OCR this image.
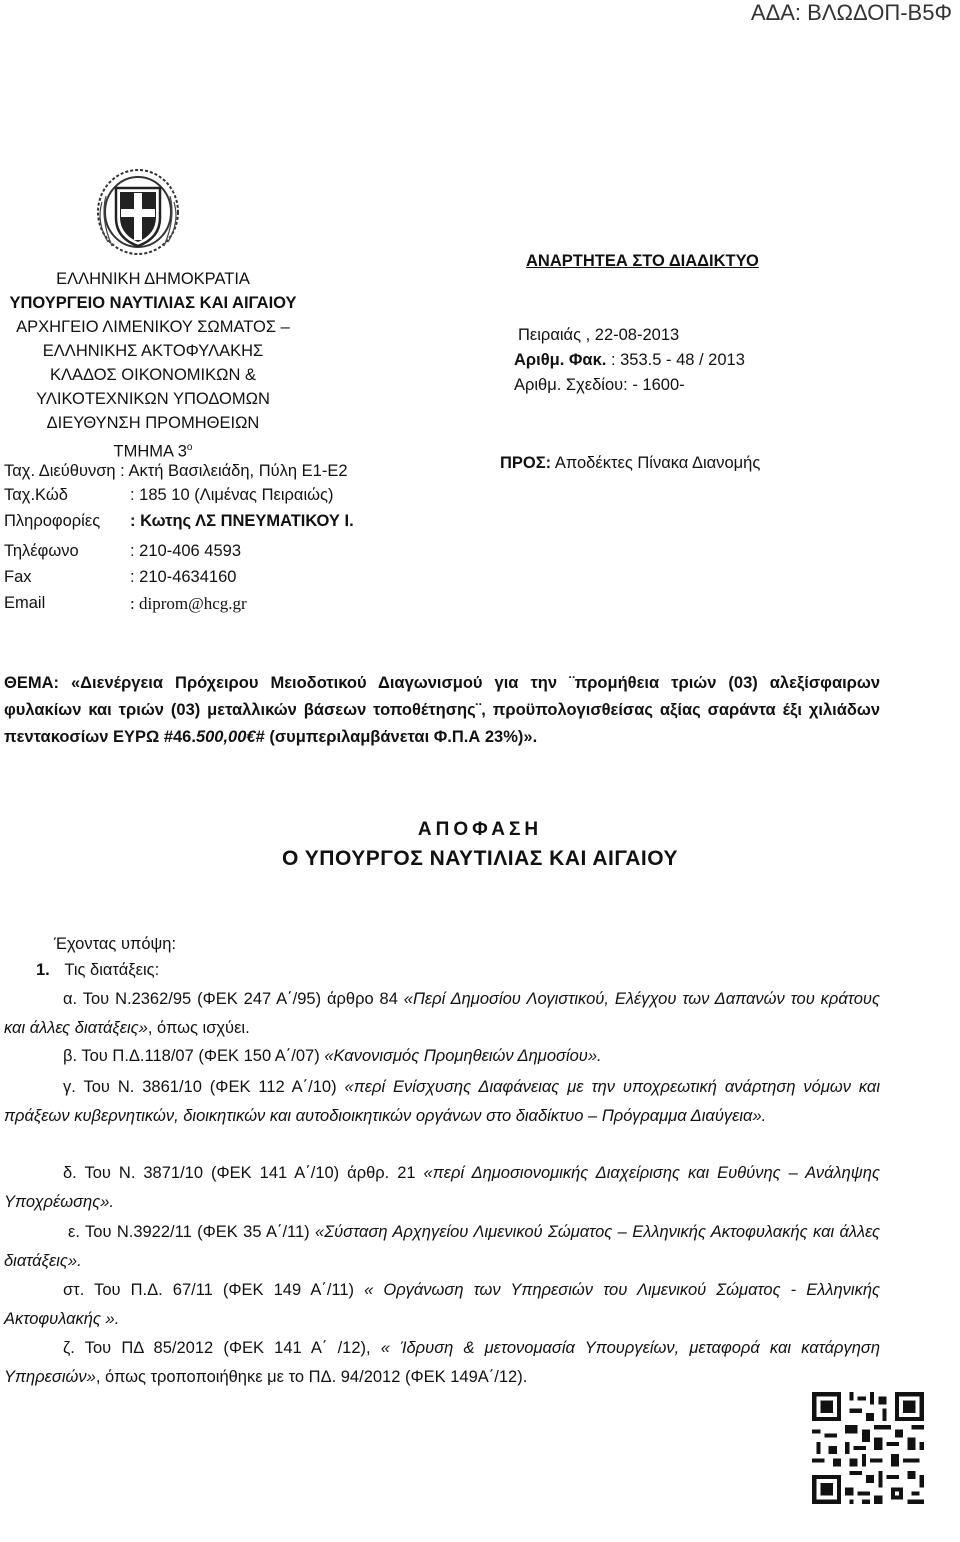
ΑΔΑ: ΒΛΩΔΟΠ-Β5Φ
ΕΛΛΗΝΙΚΗ ΔΗΜΟΚΡΑΤΙΑ
ΥΠΟΥΡΓΕΙΟ ΝΑΥΤΙΛΙΑΣ ΚΑΙ ΑΙΓΑΙΟΥ
ΑΡΧΗΓΕΙΟ ΛΙΜΕΝΙΚΟΥ ΣΩΜΑΤΟΣ –
ΕΛΛΗΝΙΚΗΣ ΑΚΤΟΦΥΛΑΚΗΣ
ΚΛΑΔΟΣ ΟΙΚΟΝΟΜΙΚΩΝ &
ΥΛΙΚΟΤΕΧΝΙΚΩΝ ΥΠΟΔΟΜΩΝ
ΔΙΕΥΘΥΝΣΗ ΠΡΟΜΗΘΕΙΩΝ
ΤΜΗΜΑ $3^o$
Ταχ. Διεύθυνση : Ακτή Βασιλειάδη, Πύλη Ε1-Ε2
Ταχ.Κώδ	: 185 10 (Λιμένας Πειραιώς)
Πληροφορίες : Κωτης ΛΣ ΠΝΕΥΜΑΤΙΚΟΥ Ι.
Τηλέφωνο	: 210-406 4593
Fax	: 210-4634160
Email	: diprom@hcg.gr
ΑΝΑΡΤΗΤΕΑ ΣΤΟ ΔΙΑΔΙΚΤΥΟ
Πειραιάς , 22-08-2013
Αριθμ. Φακ. : 353.5 - 48 / 2013
Αριθμ. Σχεδίου: - 1600-
ΠΡΟΣ: Αποδέκτες Πίνακα Διανομής
ΘΕΜΑ: «Διενέργεια Πρόχειρου Μειοδοτικού Διαγωνισμού για την ¨προμήθεια τριών (03) αλεξίσφαιρων φυλακίων και τριών (03) μεταλλικών βάσεων τοποθέτησης¨, προϋπολογισθείσας αξίας σαράντα έξι χιλιάδων πεντακοσίων ΕΥΡΩ #46.500,00€# (συμπεριλαμβάνεται Φ.Π.Α 23%)».
ΑΠΟΦΑΣΗ
Ο ΥΠΟΥΡΓΟΣ ΝΑΥΤΙΛΙΑΣ ΚΑΙ ΑΙΓΑΙΟΥ
Έχοντας υπόψη:
1. Τις διατάξεις:
α. Του Ν.2362/95 (ΦΕΚ 247 Α΄/95) άρθρο 84 «Περί Δημοσίου Λογιστικού, Ελέγχου των Δαπανών του κράτους και άλλες διατάξεις», όπως ισχύει.
β. Του Π.Δ.118/07 (ΦΕΚ 150 Α΄/07) «Κανονισμός Προμηθειών Δημοσίου».
γ. Του Ν. 3861/10 (ΦΕΚ 112 Α΄/10) «περί Ενίσχυσης Διαφάνειας με την υποχρεωτική ανάρτηση νόμων και πράξεων κυβερνητικών, διοικητικών και αυτοδιοικητικών οργάνων στο διαδίκτυο – Πρόγραμμα Διαύγεια».
δ. Του Ν. 3871/10 (ΦΕΚ 141 Α΄/10) άρθρ. 21 «περί Δημοσιονομικής Διαχείρισης και Ευθύνης – Ανάληψης Υποχρέωσης».
ε. Του Ν.3922/11 (ΦΕΚ 35 Α΄/11) «Σύσταση Αρχηγείου Λιμενικού Σώματος – Ελληνικής Ακτοφυλακής και άλλες διατάξεις».
στ. Του Π.Δ. 67/11 (ΦΕΚ 149 Α΄/11) « Οργάνωση των Υπηρεσιών του Λιμενικού Σώματος - Ελληνικής Ακτοφυλακής ».
ζ. Του ΠΔ 85/2012 (ΦΕΚ 141 Α΄ /12), « Ίδρυση & μετονομασία Υπουργείων, μεταφορά και κατάργηση Υπηρεσιών», όπως τροποποιήθηκε με το ΠΔ. 94/2012 (ΦΕΚ 149Α΄/12).
